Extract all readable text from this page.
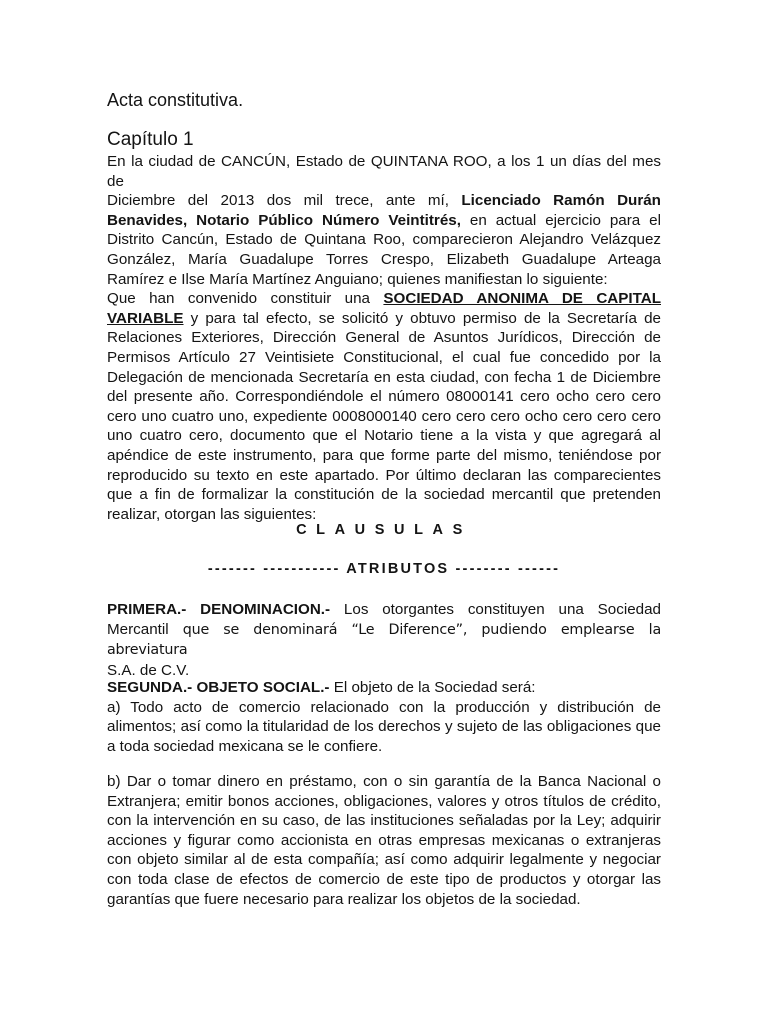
Acta constitutiva.
Capítulo 1

En la ciudad de CANCÚN, Estado de QUINTANA ROO, a los 1 un días del mes de

Diciembre del 2013 dos mil trece, ante mí, Licenciado Ramón Durán

Benavides, Notario Público Número Veintitrés, en actual ejercicio para el

Distrito Cancún, Estado de Quintana Roo, comparecieron Alejandro Velázquez

González, María Guadalupe Torres Crespo, Elizabeth Guadalupe Arteaga

Ramírez e Ilse María Martínez Anguiano; quienes manifiestan lo siguiente:

Que han convenido constituir una SOCIEDAD ANONIMA DE CAPITAL

VARIABLE y para tal efecto, se solicitó y obtuvo permiso de la Secretaría de

Relaciones Exteriores, Dirección General de Asuntos Jurídicos, Dirección de Permisos Artículo 27 Veintisiete Constitucional, el cual fue concedido por la Delegación de mencionada Secretaría en esta ciudad, con fecha 1 de Diciembre del presente año. Correspondiéndole el número 08000141 cero ocho cero cero cero uno cuatro uno, expediente 0008000140 cero cero cero ocho cero cero cero uno cuatro cero, documento que el Notario tiene a la vista y que agregará al apéndice de este instrumento, para que forme parte del mismo, teniéndose por reproducido su texto en este apartado. Por último declaran las comparecientes que a fin de formalizar la constitución de la sociedad mercantil que pretenden realizar, otorgan las siguientes:

CLAUSULAS
------- ----------- ATRIBUTOS -------- ------

PRIMERA.- DENOMINACION.- Los otorgantes constituyen una Sociedad

Mercantil que se denominará “Le Diference”, pudiendo emplearse la abreviatura

S.A. de C.V.

SEGUNDA.- OBJETO SOCIAL.- El objeto de la Sociedad será:

a) Todo acto de comercio relacionado con la producción y distribución de alimentos; así como la titularidad de los derechos y sujeto de las obligaciones que a toda sociedad mexicana se le confiere.

b) Dar o tomar dinero en préstamo, con o sin garantía de la Banca Nacional o Extranjera; emitir bonos acciones, obligaciones, valores y otros títulos de crédito, con la intervención en su caso, de las instituciones señaladas por la Ley; adquirir acciones y figurar como accionista en otras empresas mexicanas o extranjeras con objeto similar al de esta compañía; así como adquirir legalmente y negociar con toda clase de efectos de comercio de este tipo de productos y otorgar las garantías que fuere necesario para realizar los objetos de la sociedad.
